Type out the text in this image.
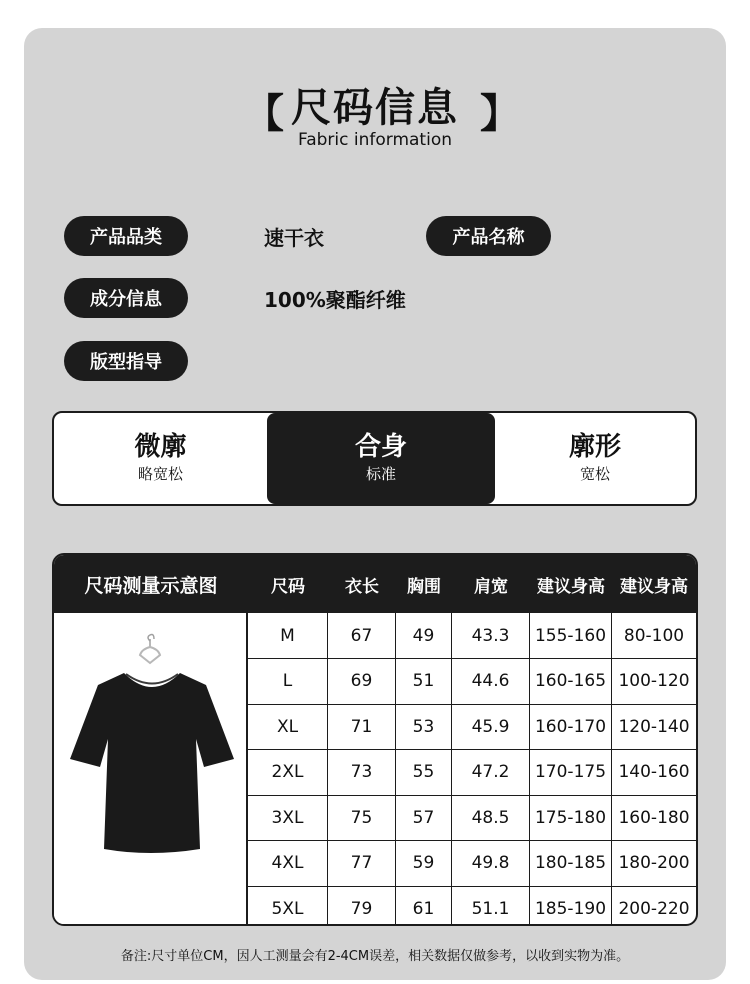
【 尺码信息 】
Fabric information
产品品类	速干衣	产品名称
成分信息	100%聚酯纤维
版型指导
微廓
略宽松
合身
标准
廓形
宽松
尺码测量示意图	尺码	衣长	胸围	肩宽	建议身高 建议身高
M	67	49	43.3	155-160	80-100
L	69	51	44.6	160-165 100-120
XL	71	53	45.9	160-170 120-140
2XL	73	55	47.2	170-175 140-160
3XL	75	57	48.5	175-180 160-180
4XL	77	59	49.8	180-185 180-200
5XL	79	61	51.1	185-190 200-220
备注:尺寸单位CM，因人工测量会有2-4CM误差，相关数据仅做参考，以收到实物为准。
